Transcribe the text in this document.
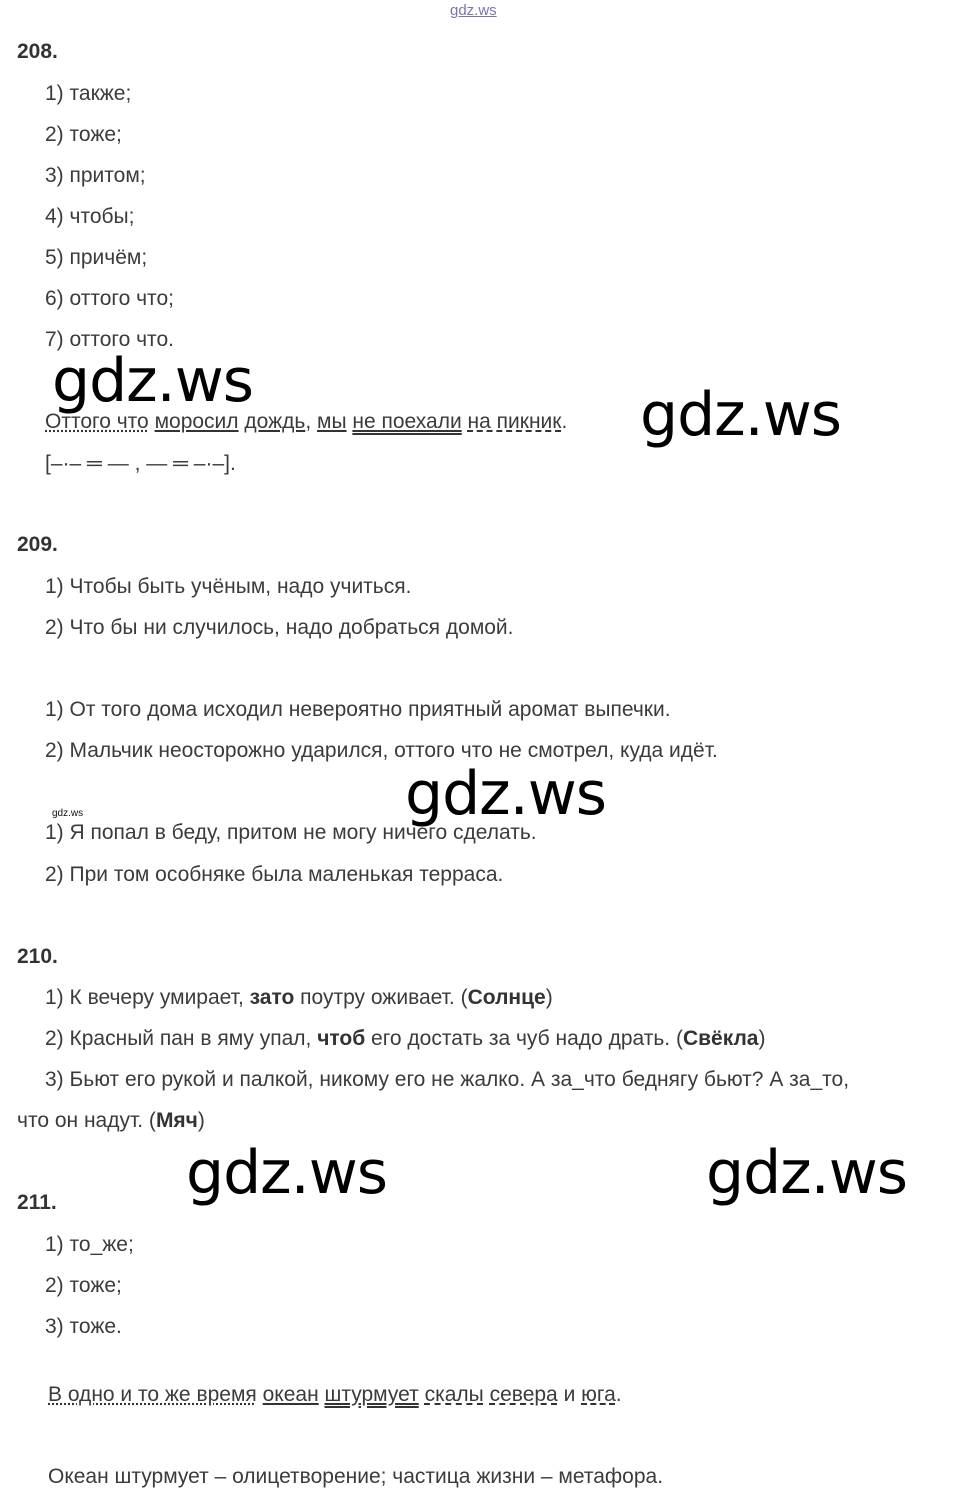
gdz.ws
208.
1) также;
2) тоже;
3) притом;
4) чтобы;
5) причём;
6) оттого что;
7) оттого что.
gdz.ws
Оттого что моросил дождь, мы не поехали на пикник. gdz.ws
[–·– ═ — , — ═ –·–].
209.
1) Чтобы быть учёным, надо учиться.
2) Что бы ни случилось, надо добраться домой.
1) От того дома исходил невероятно приятный аромат выпечки.
2) Мальчик неосторожно ударился, оттого что не смотрел, куда идёт.
gdz.ws
gdz.ws
1) Я попал в беду, притом не могу ничего сделать.
2) При том особняке была маленькая терраса.
210.
1) К вечеру умирает, зато поутру оживает. (Солнце)
2) Красный пан в яму упал, чтоб его достать за чуб надо драть. (Свёкла)
3) Бьют его рукой и палкой, никому его не жалко. А за_что беднягу бьют? А за_то,
что он надут. (Мяч)
gdz.ws	gdz.ws
211.
1) то_же;
2) тоже;
3) тоже.
В одно и то же время океан штурмует скалы севера и юга.
Океан штурмует – олицетворение; частица жизни – метафора.
